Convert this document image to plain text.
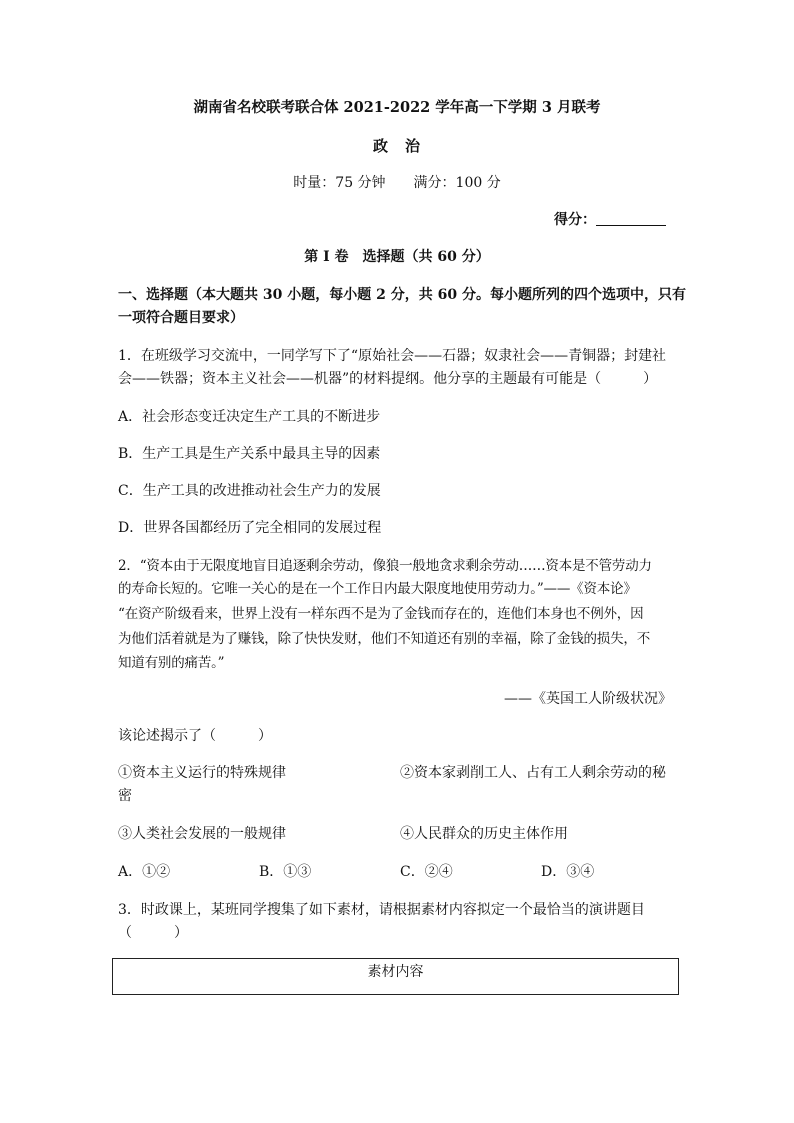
湖南省名校联考联合体 2021-2022 学年高一下学期 3 月联考
政　治
时量：75 分钟　　满分：100 分
得分：
第 I 卷　选择题（共 60 分）
一、选择题（本大题共 30 小题，每小题 2 分，共 60 分。每小题所列的四个选项中，只有
一项符合题目要求）
1．在班级学习交流中，一同学写下了“原始社会——石器；奴隶社会——青铜器；封建社
会——铁器；资本主义社会——机器”的材料提纲。他分享的主题最有可能是（　　　）
A．社会形态变迁决定生产工具的不断进步
B．生产工具是生产关系中最具主导的因素
C．生产工具的改进推动社会生产力的发展
D．世界各国都经历了完全相同的发展过程
2．“资本由于无限度地盲目追逐剩余劳动，像狼一般地贪求剩余劳动……资本是不管劳动力
的寿命长短的。它唯一关心的是在一个工作日内最大限度地使用劳动力。”——《资本论》
“在资产阶级看来，世界上没有一样东西不是为了金钱而存在的，连他们本身也不例外，因
为他们活着就是为了赚钱，除了快快发财，他们不知道还有别的幸福，除了金钱的损失，不
知道有别的痛苦。”
——《英国工人阶级状况》
该论述揭示了（　　　）
①资本主义运行的特殊规律	②资本家剥削工人、占有工人剩余劳动的秘
密
③人类社会发展的一般规律	④人民群众的历史主体作用
A．①②	B．①③	C．②④	D．③④
3．时政课上，某班同学搜集了如下素材，请根据素材内容拟定一个最恰当的演讲题目
（　　　）
素材内容
